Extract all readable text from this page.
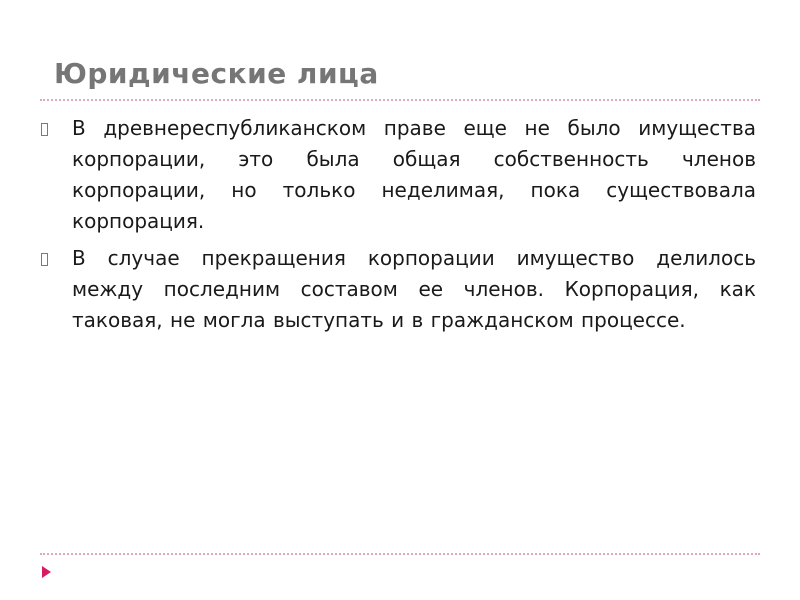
Юридические лица
В древнереспубликанском праве еще не было имущества корпорации, это была общая собственность членов корпорации, но только неделимая, пока существовала корпорация.
В случае прекращения корпорации имущество делилось между последним составом ее членов. Корпорация, как таковая, не могла выступать и в гражданском процессе.
